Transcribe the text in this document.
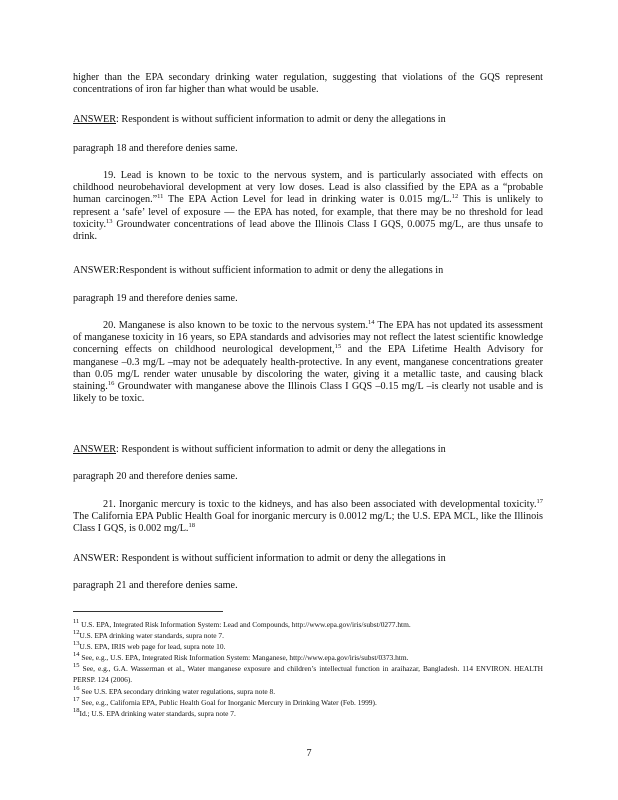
higher than the EPA secondary drinking water regulation, suggesting that violations of the GQS represent concentrations of iron far higher than what would be usable.
ANSWER: Respondent is without sufficient information to admit or deny the allegations in
paragraph 18 and therefore denies same.
19. Lead is known to be toxic to the nervous system, and is particularly associated with effects on childhood neurobehavioral development at very low doses. Lead is also classified by the EPA as a “probable human carcinogen.”$^{11}$ The EPA Action Level for lead in drinking water is 0.015 mg/L.$^{12}$ This is unlikely to represent a ‘safe’ level of exposure — the EPA has noted, for example, that there may be no threshold for lead toxicity.$^{13}$ Groundwater concentrations of lead above the Illinois Class I GQS, 0.0075 mg/L, are thus unsafe to drink.
ANSWER:Respondent is without sufficient information to admit or deny the allegations in
paragraph 19 and therefore denies same.
20. Manganese is also known to be toxic to the nervous system.$^{14}$ The EPA has not updated its assessment of manganese toxicity in 16 years, so EPA standards and advisories may not reflect the latest scientific knowledge concerning effects on childhood neurological development,$^{15}$ and the EPA Lifetime Health Advisory for manganese –0.3 mg/L –may not be adequately health-protective. In any event, manganese concentrations greater than 0.05 mg/L render water unusable by discoloring the water, giving it a metallic taste, and causing black staining.$^{16}$ Groundwater with manganese above the Illinois Class I GQS –0.15 mg/L –is clearly not usable and is likely to be toxic.
ANSWER: Respondent is without sufficient information to admit or deny the allegations in
paragraph 20 and therefore denies same.
21. Inorganic mercury is toxic to the kidneys, and has also been associated with developmental toxicity.$^{17}$ The California EPA Public Health Goal for inorganic mercury is 0.0012 mg/L; the U.S. EPA MCL, like the Illinois Class I GQS, is 0.002 mg/L.$^{18}$
ANSWER: Respondent is without sufficient information to admit or deny the allegations in
paragraph 21 and therefore denies same.
$^{11}$ U.S. EPA, Integrated Risk Information System: Lead and Compounds, http://www.epa.gov/iris/subst/0277.htm.
$^{12}$U.S. EPA drinking water standards, supra note 7.
$^{13}$U.S. EPA, IRIS web page for lead, supra note 10.
$^{14}$ See, e.g., U.S. EPA, Integrated Risk Information System: Manganese, http://www.epa.gov/iris/subst/0373.htm.
$^{15}$ See, e.g., G.A. Wasserman et al., Water manganese exposure and children’s intellectual function in araihazar, Bangladesh. 114 ENVIRON. HEALTH PERSP. 124 (2006).
$^{16}$ See U.S. EPA secondary drinking water regulations, supra note 8.
$^{17}$ See, e.g., California EPA, Public Health Goal for Inorganic Mercury in Drinking Water (Feb. 1999).
$^{18}$Id.; U.S. EPA drinking water standards, supra note 7.
7
